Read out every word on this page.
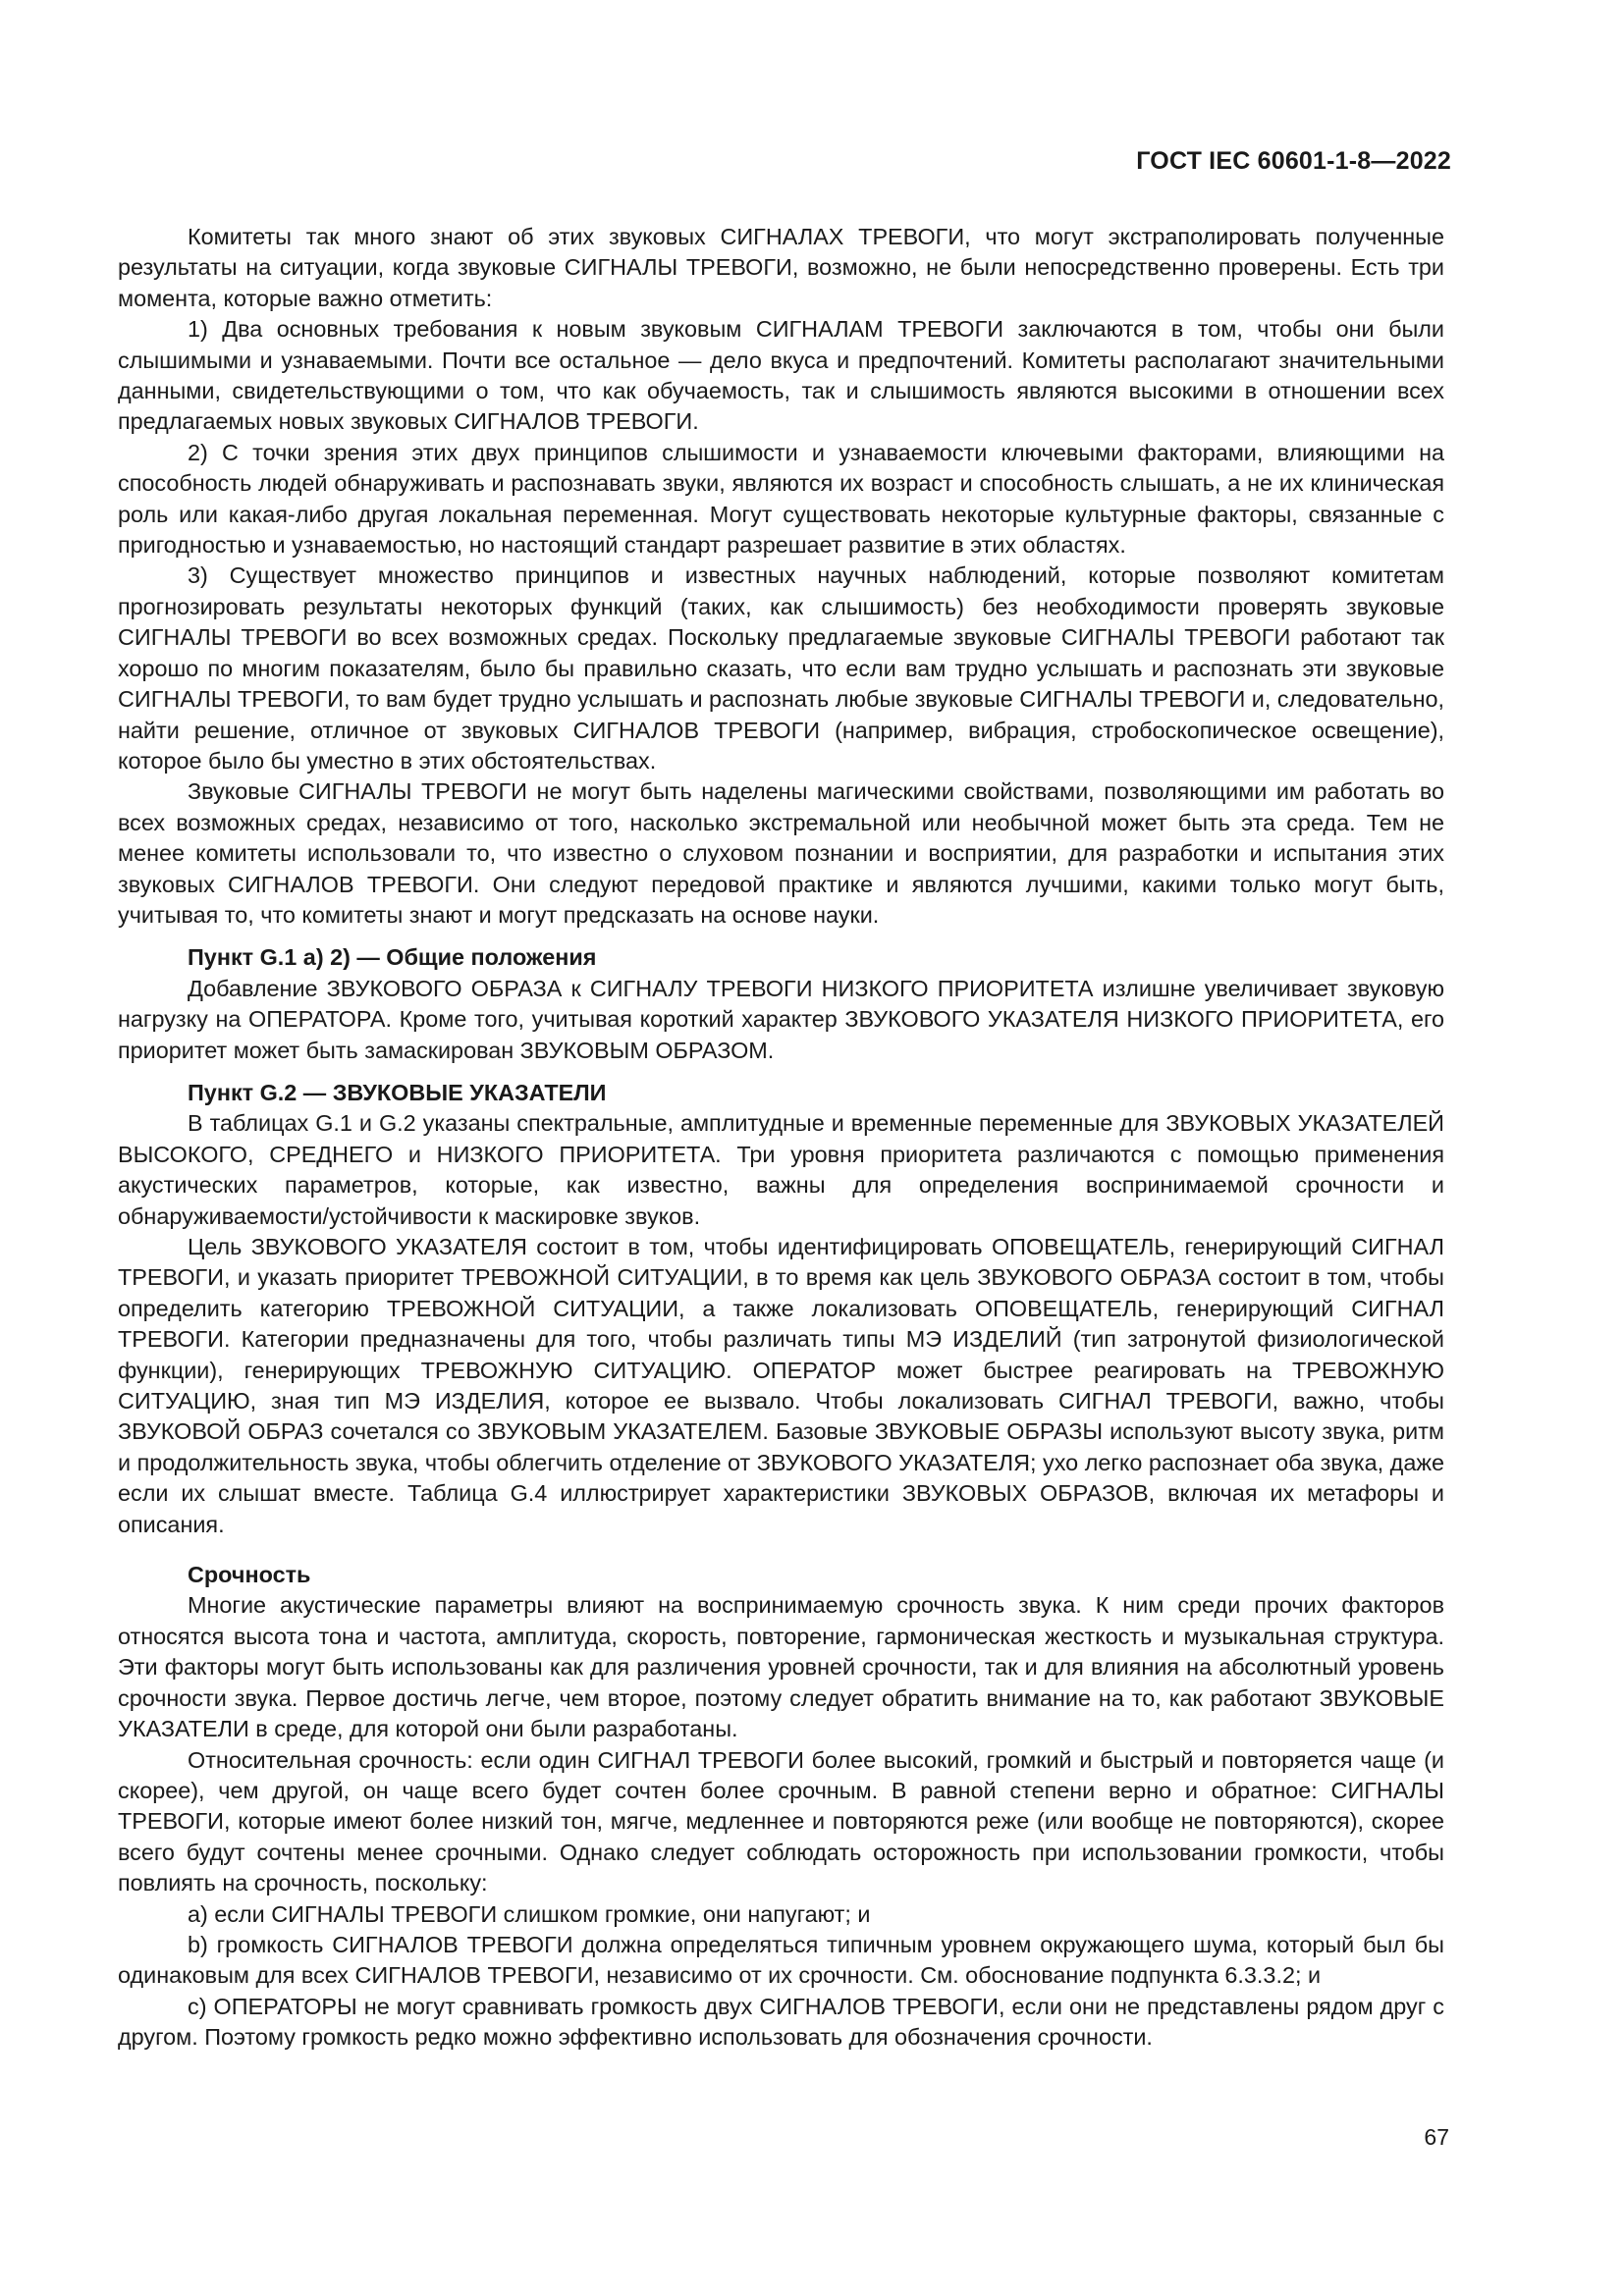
ГОСТ IEC 60601-1-8—2022

Комитеты так много знают об этих звуковых СИГНАЛАХ ТРЕВОГИ, что могут экстраполировать полученные результаты на ситуации, когда звуковые СИГНАЛЫ ТРЕВОГИ, возможно, не были непосредственно проверены. Есть три момента, которые важно отметить:

1) Два основных требования к новым звуковым СИГНАЛАМ ТРЕВОГИ заключаются в том, чтобы они были слышимыми и узнаваемыми. Почти все остальное — дело вкуса и предпочтений. Комитеты располагают значительными данными, свидетельствующими о том, что как обучаемость, так и слышимость являются высокими в отношении всех предлагаемых новых звуковых СИГНАЛОВ ТРЕВОГИ.

2) С точки зрения этих двух принципов слышимости и узнаваемости ключевыми факторами, влияющими на способность людей обнаруживать и распознавать звуки, являются их возраст и способность слышать, а не их клиническая роль или какая-либо другая локальная переменная. Могут существовать некоторые культурные факторы, связанные с пригодностью и узнаваемостью, но настоящий стандарт разрешает развитие в этих областях.

3) Существует множество принципов и известных научных наблюдений, которые позволяют комитетам прогнозировать результаты некоторых функций (таких, как слышимость) без необходимости проверять звуковые СИГНАЛЫ ТРЕВОГИ во всех возможных средах. Поскольку предлагаемые звуковые СИГНАЛЫ ТРЕВОГИ работают так хорошо по многим показателям, было бы правильно сказать, что если вам трудно услышать и распознать эти звуковые СИГНАЛЫ ТРЕВОГИ, то вам будет трудно услышать и распознать любые звуковые СИГНАЛЫ ТРЕВОГИ и, следовательно, найти решение, отличное от звуковых СИГНАЛОВ ТРЕВОГИ (например, вибрация, стробоскопическое освещение), которое было бы уместно в этих обстоятельствах.

Звуковые СИГНАЛЫ ТРЕВОГИ не могут быть наделены магическими свойствами, позволяющими им работать во всех возможных средах, независимо от того, насколько экстремальной или необычной может быть эта среда. Тем не менее комитеты использовали то, что известно о слуховом познании и восприятии, для разработки и испытания этих звуковых СИГНАЛОВ ТРЕВОГИ. Они следуют передовой практике и являются лучшими, какими только могут быть, учитывая то, что комитеты знают и могут предсказать на основе науки.

Пункт G.1 a) 2) — Общие положения

Добавление ЗВУКОВОГО ОБРАЗА к СИГНАЛУ ТРЕВОГИ НИЗКОГО ПРИОРИТЕТА излишне увеличивает звуковую нагрузку на ОПЕРАТОРА. Кроме того, учитывая короткий характер ЗВУКОВОГО УКАЗАТЕЛЯ НИЗКОГО ПРИОРИТЕТА, его приоритет может быть замаскирован ЗВУКОВЫМ ОБРАЗОМ.

Пункт G.2 — ЗВУКОВЫЕ УКАЗАТЕЛИ

В таблицах G.1 и G.2 указаны спектральные, амплитудные и временные переменные для ЗВУКОВЫХ УКАЗАТЕЛЕЙ ВЫСОКОГО, СРЕДНЕГО и НИЗКОГО ПРИОРИТЕТА. Три уровня приоритета различаются с помощью применения акустических параметров, которые, как известно, важны для определения воспринимаемой срочности и обнаруживаемости/устойчивости к маскировке звуков.

Цель ЗВУКОВОГО УКАЗАТЕЛЯ состоит в том, чтобы идентифицировать ОПОВЕЩАТЕЛЬ, генерирующий СИГНАЛ ТРЕВОГИ, и указать приоритет ТРЕВОЖНОЙ СИТУАЦИИ, в то время как цель ЗВУКОВОГО ОБРАЗА состоит в том, чтобы определить категорию ТРЕВОЖНОЙ СИТУАЦИИ, а также локализовать ОПОВЕЩАТЕЛЬ, генерирующий СИГНАЛ ТРЕВОГИ. Категории предназначены для того, чтобы различать типы МЭ ИЗДЕЛИЙ (тип затронутой физиологической функции), генерирующих ТРЕВОЖНУЮ СИТУАЦИЮ. ОПЕРАТОР может быстрее реагировать на ТРЕВОЖНУЮ СИТУАЦИЮ, зная тип МЭ ИЗДЕЛИЯ, которое ее вызвало. Чтобы локализовать СИГНАЛ ТРЕВОГИ, важно, чтобы ЗВУКОВОЙ ОБРАЗ сочетался со ЗВУКОВЫМ УКАЗАТЕЛЕМ. Базовые ЗВУКОВЫЕ ОБРАЗЫ используют высоту звука, ритм и продолжительность звука, чтобы облегчить отделение от ЗВУКОВОГО УКАЗАТЕЛЯ; ухо легко распознает оба звука, даже если их слышат вместе. Таблица G.4 иллюстрирует характеристики ЗВУКОВЫХ ОБРАЗОВ, включая их метафоры и описания.

Срочность

Многие акустические параметры влияют на воспринимаемую срочность звука. К ним среди прочих факторов относятся высота тона и частота, амплитуда, скорость, повторение, гармоническая жесткость и музыкальная структура. Эти факторы могут быть использованы как для различения уровней срочности, так и для влияния на абсолютный уровень срочности звука. Первое достичь легче, чем второе, поэтому следует обратить внимание на то, как работают ЗВУКОВЫЕ УКАЗАТЕЛИ в среде, для которой они были разработаны.

Относительная срочность: если один СИГНАЛ ТРЕВОГИ более высокий, громкий и быстрый и повторяется чаще (и скорее), чем другой, он чаще всего будет сочтен более срочным. В равной степени верно и обратное: СИГНАЛЫ ТРЕВОГИ, которые имеют более низкий тон, мягче, медленнее и повторяются реже (или вообще не повторяются), скорее всего будут сочтены менее срочными. Однако следует соблюдать осторожность при использовании громкости, чтобы повлиять на срочность, поскольку:

a) если СИГНАЛЫ ТРЕВОГИ слишком громкие, они напугают; и

b) громкость СИГНАЛОВ ТРЕВОГИ должна определяться типичным уровнем окружающего шума, который был бы одинаковым для всех СИГНАЛОВ ТРЕВОГИ, независимо от их срочности. См. обоснование подпункта 6.3.3.2; и

c) ОПЕРАТОРЫ не могут сравнивать громкость двух СИГНАЛОВ ТРЕВОГИ, если они не представлены рядом друг с другом. Поэтому громкость редко можно эффективно использовать для обозначения срочности.

67
